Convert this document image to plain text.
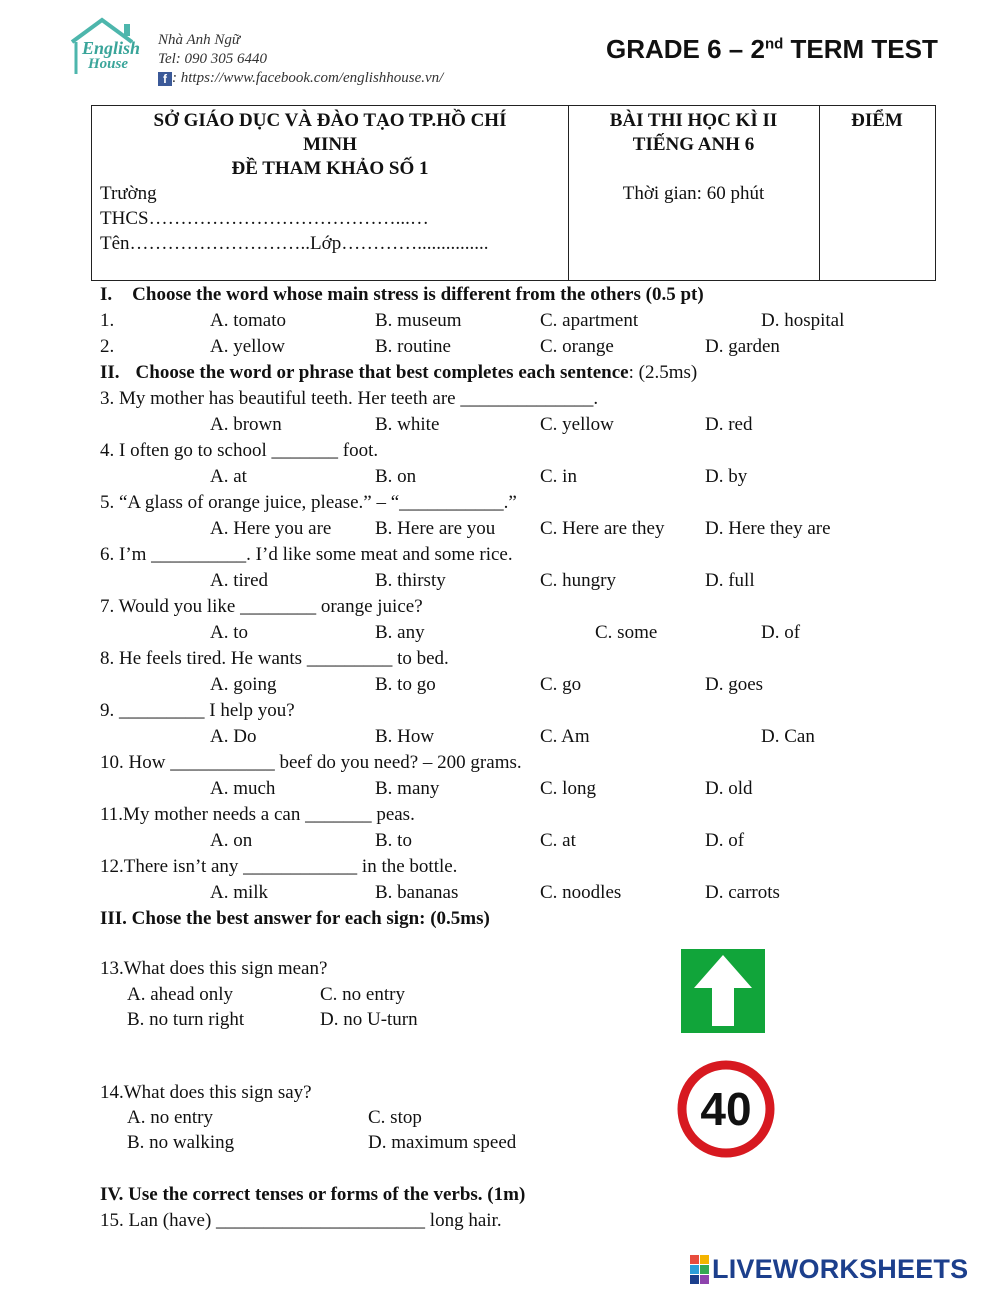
English
House
Nhà Anh Ngữ
Tel: 090 305 6440
f : https://www.facebook.com/englishhouse.vn/
GRADE 6 – 2nd TERM TEST
SỞ GIÁO DỤC VÀ ĐÀO TẠO TP.HỒ CHÍ
MINH
ĐỀ THAM KHẢO SỐ 1
Trường
THCS…………………………………...…
Tên………………………..Lớp…………...............
BÀI THI HỌC KÌ II
TIẾNG ANH 6
Thời gian: 60 phút
ĐIỂM
I. Choose the word whose main stress is different from the others (0.5 pt)
1.	A. tomato	B. museum	C. apartment	D. hospital
2.	A. yellow	B. routine	C. orange	D. garden
II. Choose the word or phrase that best completes each sentence: (2.5ms)
3. My mother has beautiful teeth. Her teeth are ______________.
A. brown	B. white	C. yellow	D. red
4. I often go to school _______ foot.
A. at	B. on	C. in	D. by
5. “A glass of orange juice, please.” – “___________.”
A. Here you are B. Here are you C. Here are they D. Here they are
6. I’m __________. I’d like some meat and some rice.
A. tired	B. thirsty	C. hungry	D. full
7. Would you like ________ orange juice?
A. to	B. any	C. some	D. of
8. He feels tired. He wants _________ to bed.
A. going	B. to go	C. go	D. goes
9. _________ I help you?
A. Do	B. How	C. Am	D. Can
10. How ___________ beef do you need? – 200 grams.
A. much	B. many	C. long	D. old
11.My mother needs a can _______ peas.
A. on	B. to	C. at	D. of
12.There isn’t any ____________ in the bottle.
A. milk	B. bananas	C. noodles	D. carrots
III. Chose the best answer for each sign: (0.5ms)
13.What does this sign mean?
A. ahead only	C. no entry
B. no turn right	D. no U-turn
14.What does this sign say?
A. no entry	C. stop
B. no walking	D. maximum speed
40
IV. Use the correct tenses or forms of the verbs. (1m)
15. Lan (have) ______________________ long hair.
LIVEWORKSHEETS
